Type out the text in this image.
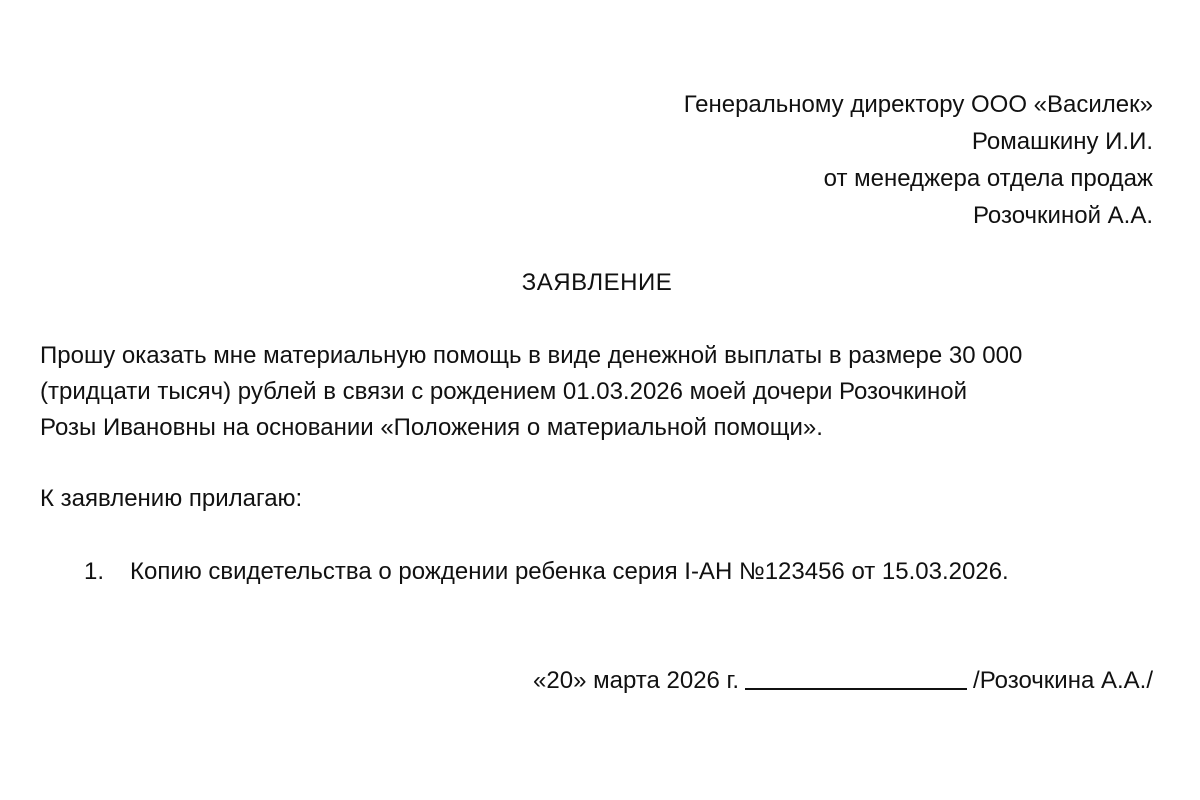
Генеральному директору ООО «Василек»
Ромашкину И.И.
от менеджера отдела продаж
Розочкиной А.А.
ЗАЯВЛЕНИЕ
Прошу оказать мне материальную помощь в виде денежной выплаты в размере 30 000
(тридцати тысяч) рублей в связи с рождением 01.03.2026 моей дочери Розочкиной
Розы Ивановны на основании «Положения о материальной помощи».
К заявлению прилагаю:
1. Копию свидетельства о рождении ребенка серия I-АН №123456 от 15.03.2026.
«20» марта 2026 г.	/Розочкина А.А./
